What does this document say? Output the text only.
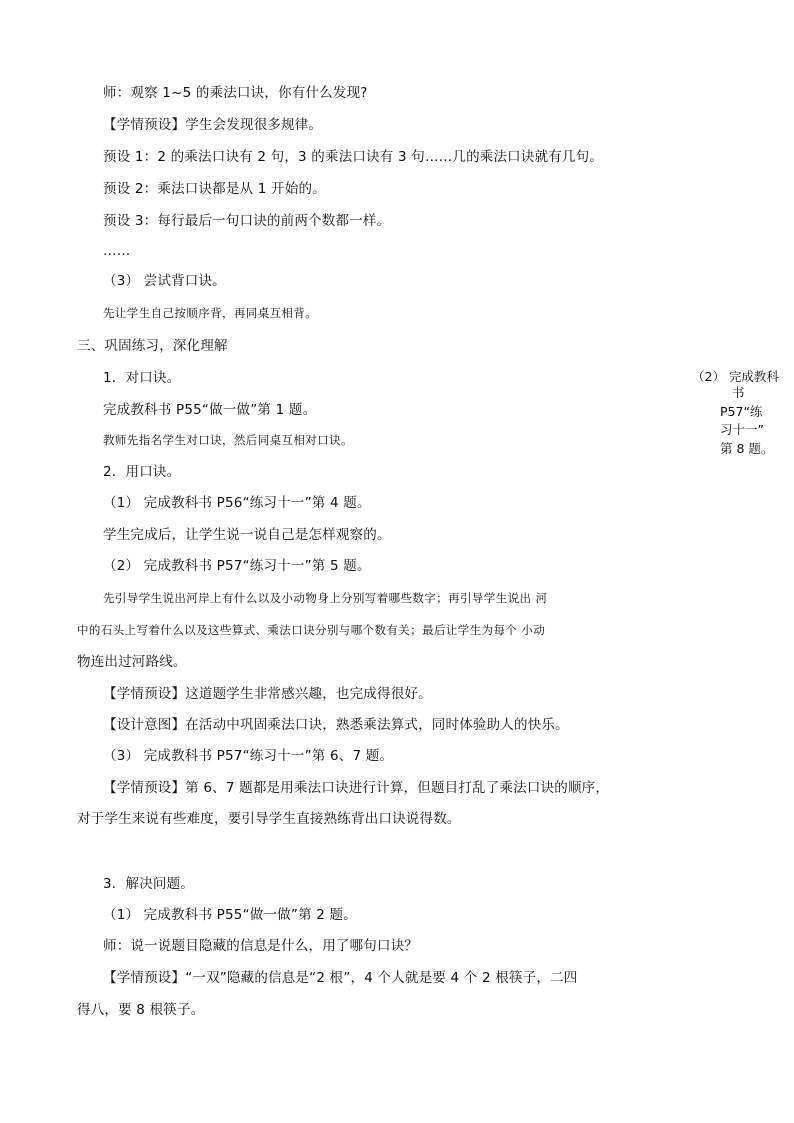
师：观察 1~5 的乘法口诀，你有什么发现?
【学情预设】学生会发现很多规律。
预设 1：2 的乘法口诀有 2 句，3 的乘法口诀有 3 句……几的乘法口诀就有几句。
预设 2：乘法口诀都是从 1 开始的。
预设 3：每行最后一句口诀的前两个数都一样。
……
（3） 尝试背口诀。
先让学生自己按顺序背，再同桌互相背。
三、巩固练习，深化理解
1．对口诀。
完成教科书 P55“做一做”第 1 题。
教师先指名学生对口诀，然后同桌互相对口诀。
2．用口诀。
（1） 完成教科书 P56“练习十一”第 4 题。
学生完成后，让学生说一说自己是怎样观察的。
（2） 完成教科书 P57“练习十一”第 5 题。
先引导学生说出河岸上有什么以及小动物身上分别写着哪些数字；再引导学生说出 河
中的石头上写着什么以及这些算式、乘法口诀分别与哪个数有关；最后让学生为每个 小动
物连出过河路线。
【学情预设】这道题学生非常感兴趣，也完成得很好。
【设计意图】在活动中巩固乘法口诀，熟悉乘法算式，同时体验助人的快乐。
（3） 完成教科书 P57“练习十一”第 6、7 题。
【学情预设】第 6、7 题都是用乘法口诀进行计算，但题目打乱了乘法口诀的顺序，
对于学生来说有些难度，要引导学生直接熟练背出口诀说得数。
3．解决问题。
（1） 完成教科书 P55“做一做”第 2 题。
师：说一说题目隐藏的信息是什么，用了哪句口诀？
【学情预设】“一双”隐藏的信息是“2 根”，4 个人就是要 4 个 2 根筷子，二四
得八，要 8 根筷子。
（2） 完成教科
书
P57“练
习十一”
第 8 题。
